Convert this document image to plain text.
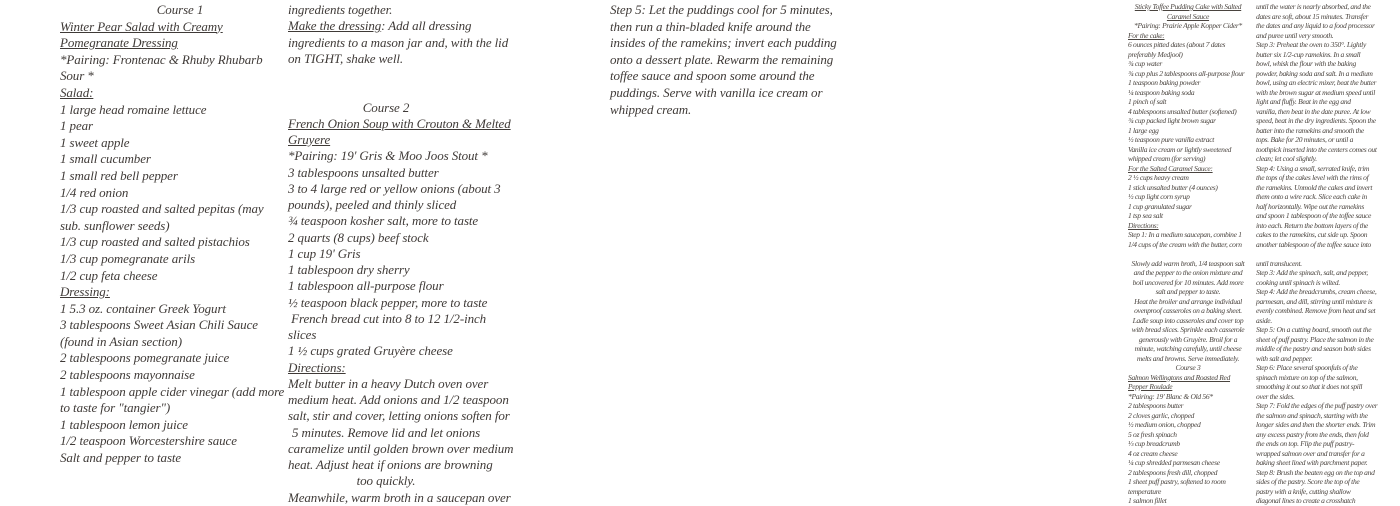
Course 1
Winter Pear Salad with Creamy
Pomegranate Dressing
*Pairing: Frontenac & Rhuby Rhubarb
Sour *
Salad:
1 large head romaine lettuce
1 pear
1 sweet apple
1 small cucumber
1 small red bell pepper
1/4 red onion
1/3 cup roasted and salted pepitas (may
sub. sunflower seeds)
1/3 cup roasted and salted pistachios
1/3 cup pomegranate arils
1/2 cup feta cheese
Dressing:
1 5.3 oz. container Greek Yogurt
3 tablespoons Sweet Asian Chili Sauce
(found in Asian section)
2 tablespoons pomegranate juice
2 tablespoons mayonnaise
1 tablespoon apple cider vinegar (add more
to taste for "tangier")
1 tablespoon lemon juice
1/2 teaspoon Worcestershire sauce
Salt and pepper to taste
ingredients together.
Make the dressing: Add all dressing
ingredients to a mason jar and, with the lid
on TIGHT, shake well.

Course 2
French Onion Soup with Crouton & Melted
Gruyere
*Pairing: 19' Gris & Moo Joos Stout *
3 tablespoons unsalted butter
3 to 4 large red or yellow onions (about 3
pounds), peeled and thinly sliced
¾ teaspoon kosher salt, more to taste
2 quarts (8 cups) beef stock
1 cup 19' Gris
1 tablespoon dry sherry
1 tablespoon all-purpose flour
½ teaspoon black pepper, more to taste
French bread cut into 8 to 12 1/2-inch
slices
1 ½ cups grated Gruyère cheese
Directions:
Melt butter in a heavy Dutch oven over
medium heat. Add onions and 1/2 teaspoon
salt, stir and cover, letting onions soften for
5 minutes. Remove lid and let onions
caramelize until golden brown over medium
heat. Adjust heat if onions are browning
too quickly.
Meanwhile, warm broth in a saucepan over
Step 5: Let the puddings cool for 5 minutes,
then run a thin-bladed knife around the
insides of the ramekins; invert each pudding
onto a dessert plate. Rewarm the remaining
toffee sauce and spoon some around the
puddings. Serve with vanilla ice cream or
whipped cream.
Sticky Toffee Pudding Cake with Salted
Caramel Sauce
*Pairing: Prairie Apple Kopper Cider*
For the cake:
6 ounces pitted dates (about 7 dates
preferably Medjool)
¾ cup water
¾ cup plus 2 tablespoons all-purpose flour
1 teaspoon baking powder
¼ teaspoon baking soda
1 pinch of salt
4 tablespoons unsalted butter (softened)
¾ cup packed light brown sugar
1 large egg
½ teaspoon pure vanilla extract
Vanilla ice cream or lightly sweetened
whipped cream (for serving)
For the Salted Caramel Sauce:
2 ½ cups heavy cream
1 stick unsalted butter (4 ounces)
½ cup light corn syrup
1 cup granulated sugar
1 tsp sea salt
Directions:
Step 1: In a medium saucepan, combine 1
1/4 cups of the cream with the butter, corn

Slowly add warm broth, 1/4 teaspoon salt
and the pepper to the onion mixture and
boil uncovered for 10 minutes. Add more
salt and pepper to taste.
Heat the broiler and arrange individual
ovenproof casseroles on a baking sheet.
Ladle soup into casseroles and cover top
with bread slices. Sprinkle each casserole
generously with Gruyère. Broil for a
minute, watching carefully, until cheese
melts and browns. Serve immediately.
Course 3
Salmon Wellingtons and Roasted Red
Pepper Roulade
*Pairing: 19' Blanc & Old 56*
2 tablespoons butter
2 cloves garlic, chopped
½ medium onion, chopped
5 oz fresh spinach
⅓ cup breadcrumb
4 oz cream cheese
¼ cup shredded parmesan cheese
2 tablespoons fresh dill, chopped
1 sheet puff pastry, softened to room
temperature
1 salmon fillet
until the water is nearly absorbed, and the
dates are soft, about 15 minutes. Transfer
the dates and any liquid to a food processor
and puree until very smooth.
Step 3: Preheat the oven to 350°. Lightly
butter six 1/2-cup ramekins. In a small
bowl, whisk the flour with the baking
powder, baking soda and salt. In a medium
bowl, using an electric mixer, beat the butter
with the brown sugar at medium speed until
light and fluffy. Beat in the egg and
vanilla, then beat in the date puree. At low
speed, beat in the dry ingredients. Spoon the
batter into the ramekins and smooth the
tops. Bake for 20 minutes, or until a
toothpick inserted into the centers comes out
clean; let cool slightly.
Step 4: Using a small, serrated knife, trim
the tops of the cakes level with the rims of
the ramekins. Unmold the cakes and invert
them onto a wire rack. Slice each cake in
half horizontally. Wipe out the ramekins
and spoon 1 tablespoon of the toffee sauce
into each. Return the bottom layers of the
cakes to the ramekins, cut side up. Spoon
another tablespoon of the toffee sauce into

until translucent.
Step 3: Add the spinach, salt, and pepper,
cooking until spinach is wilted.
Step 4: Add the breadcrumbs, cream cheese,
parmesan, and dill, stirring until mixture is
evenly combined. Remove from heat and set
aside.
Step 5: On a cutting board, smooth out the
sheet of puff pastry. Place the salmon in the
middle of the pastry and season both sides
with salt and pepper.
Step 6: Place several spoonfuls of the
spinach mixture on top of the salmon,
smoothing it out so that it does not spill
over the sides.
Step 7: Fold the edges of the puff pastry over
the salmon and spinach, starting with the
longer sides and then the shorter ends. Trim
any excess pastry from the ends, then fold
the ends on top. Flip the puff pastry-
wrapped salmon over and transfer for a
baking sheet lined with parchment paper.
Step 8: Brush the beaten egg on the top and
sides of the pastry. Score the top of the
pastry with a knife, cutting shallow
diagonal lines to create a crosshatch
